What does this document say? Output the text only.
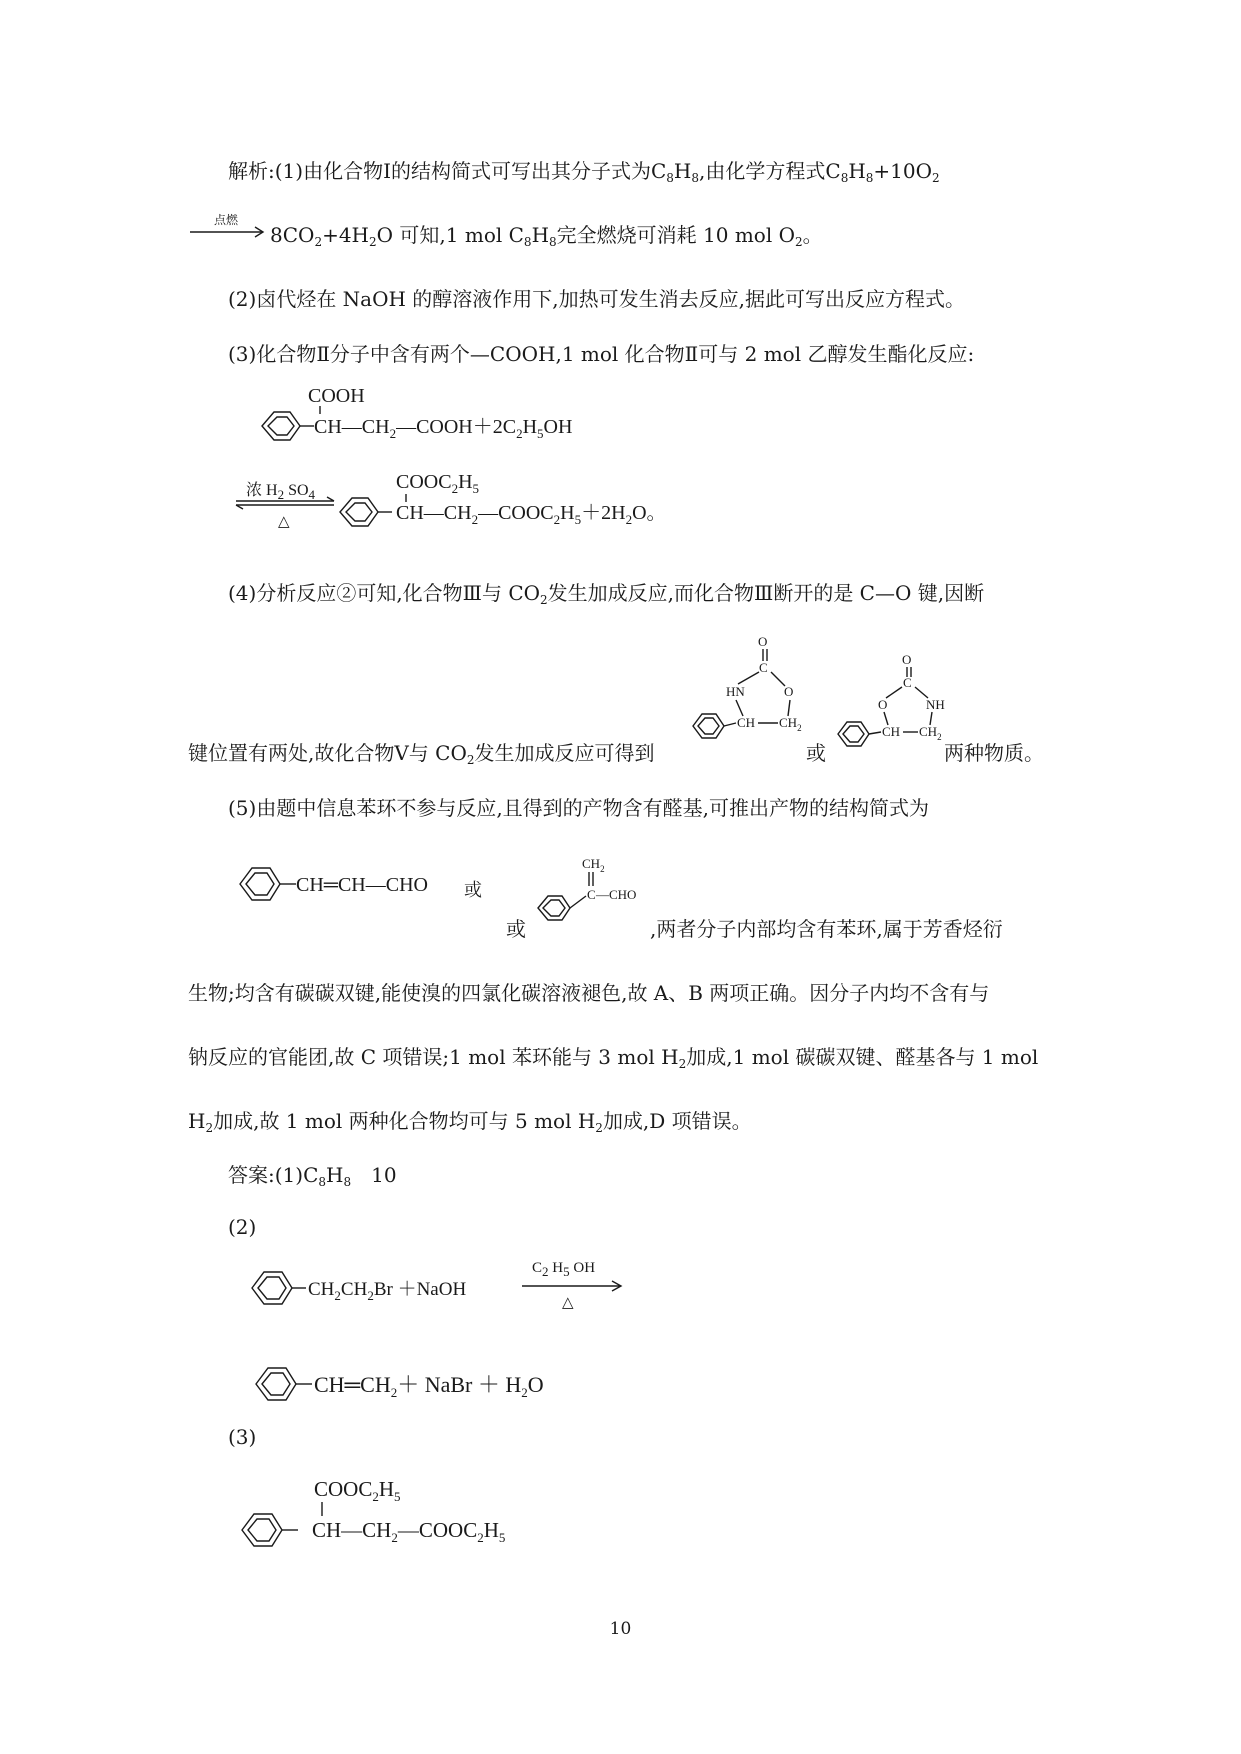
解析:(1)由化合物Ⅰ的结构简式可写出其分子式为$C_8H_8$,由化学方程式$C_8H_8+10O_2$
点燃
$8CO_2+4H_2O$ 可知,1 mol $C_8H_8$完全燃烧可消耗 10 mol $O_2$。
(2)卤代烃在 NaOH 的醇溶液作用下,加热可发生消去反应,据此可写出反应方程式。
(3)化合物Ⅱ分子中含有两个—COOH,1 mol 化合物Ⅱ可与 2 mol 乙醇发生酯化反应:
COOH
$CH—CH_2—COOH+2C_2H_5OH$
浓 $H_2$ $SO_4$
△
$COOC_2H_5$
$CH—CH_2—COOC_2H_5+2H_2O$。
(4)分析反应②可知,化合物Ⅲ与 $CO_2$发生加成反应,而化合物Ⅲ断开的是 C—O 键,因断
O
C
HN	O
CH $CH_2$
O
C
O	NH
CH $CH_2$
键位置有两处,故化合物Ⅴ与 $CO_2$发生加成反应可得到	或	两种物质。
(5)由题中信息苯环不参与反应,且得到的产物含有醛基,可推出产物的结构简式为
CH═CH—CHO 或
$CH_2$
C —CHO
或	,两者分子内部均含有苯环,属于芳香烃衍
生物;均含有碳碳双键,能使溴的四氯化碳溶液褪色,故 A、B 两项正确。因分子内均不含有与
钠反应的官能团,故 C 项错误;1 mol 苯环能与 3 mol $H_2$加成,1 mol 碳碳双键、醛基各与 1 mol
$H_2$加成,故 1 mol 两种化合物均可与 5 mol $H_2$加成,D 项错误。
答案$:(1)C_8H_8$　10
(2)
$CH_2CH_2Br$ ＋NaOH
C2 H5 OH
△
$CH═CH_2+$ NaBr ＋ $H_2O$
(3)
$COOC_2H_5$
$CH—CH_2—COOC_2H_5$
10
